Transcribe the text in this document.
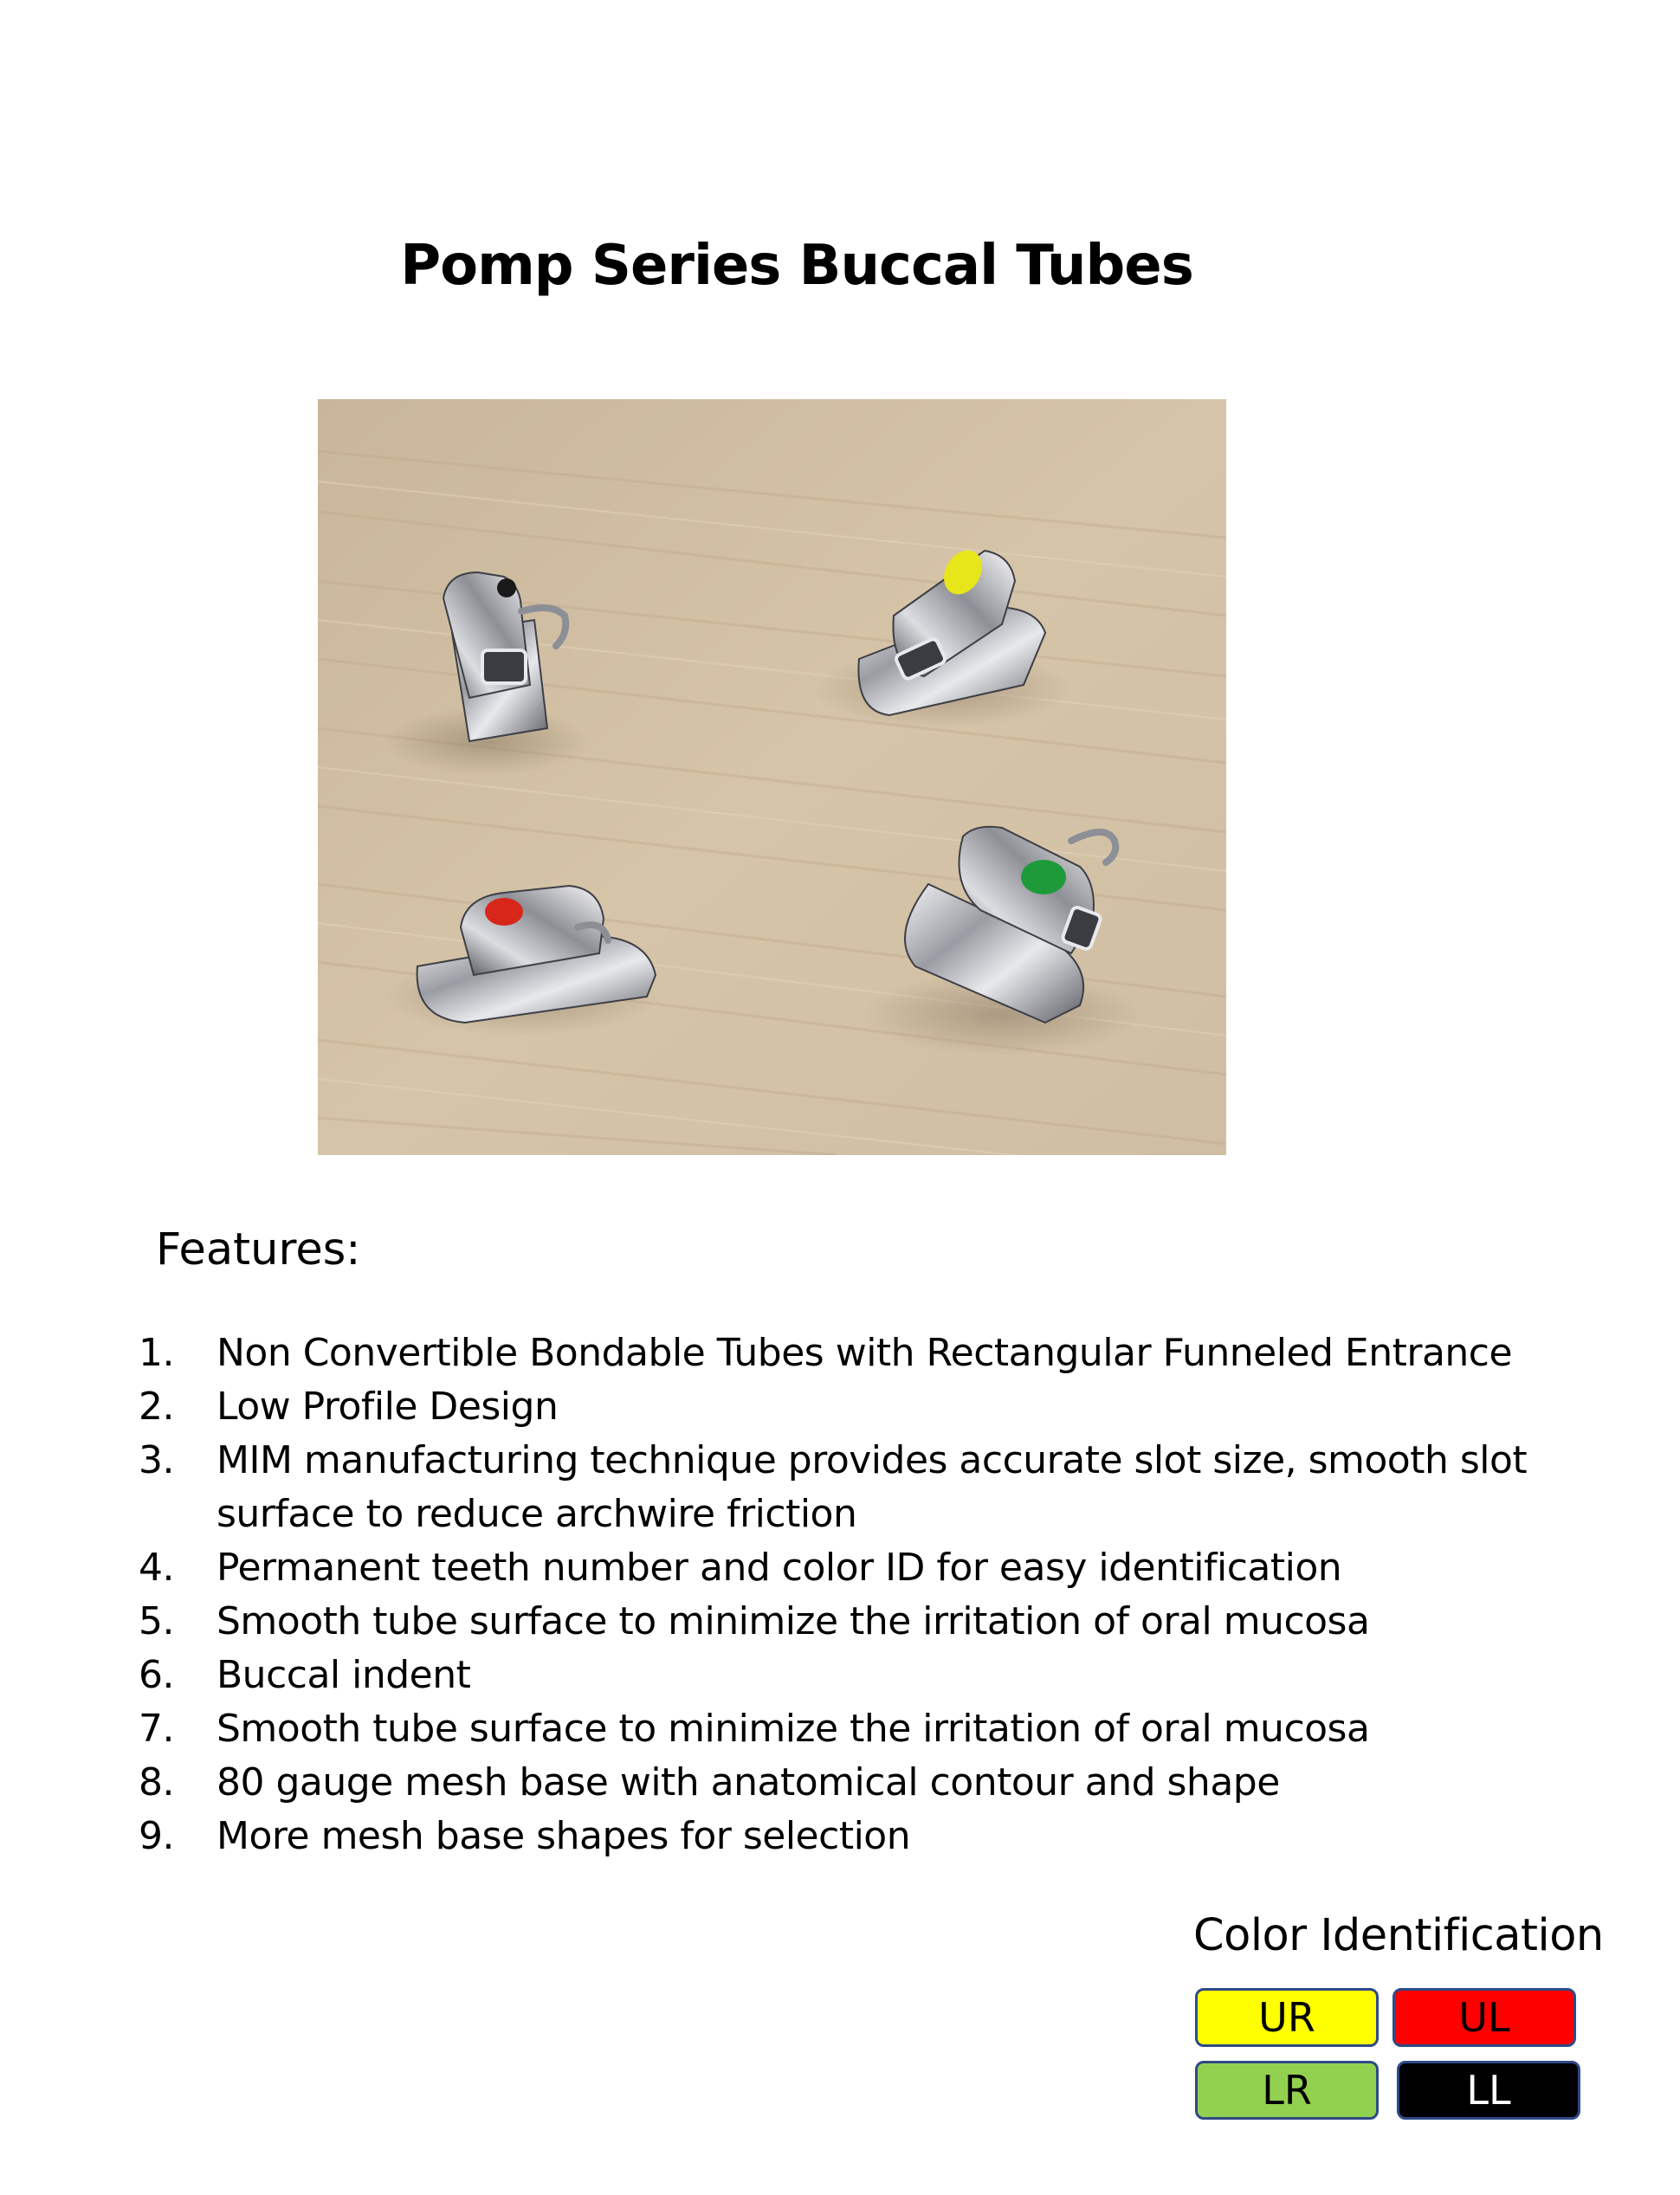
Pomp Series Buccal Tubes
Features:
1.	Non Convertible Bondable Tubes with Rectangular Funneled Entrance
2.	Low Profile Design
3.	MIM manufacturing technique provides accurate slot size, smooth slot surface to reduce archwire friction
4.	Permanent teeth number and color ID for easy identification
5.	Smooth tube surface to minimize the irritation of oral mucosa
6.	Buccal indent
7.	Smooth tube surface to minimize the irritation of oral mucosa
8.	80 gauge mesh base with anatomical contour and shape
9.	More mesh base shapes for selection
Color Identification
UR	UL
LR	LL
